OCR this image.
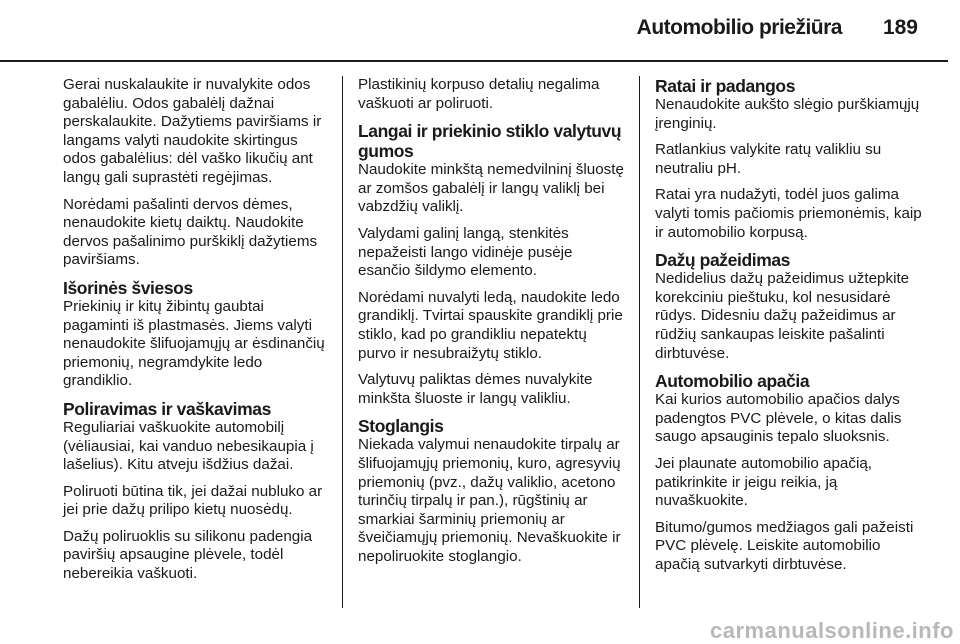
Automobilio priežiūra 189

Gerai nuskalaukite ir nuvalykite odos gabalėliu. Odos gabalėlį dažnai perskalaukite. Dažytiems paviršiams ir langams valyti naudokite skirtingus odos gabalėlius: dėl vaško likučių ant langų gali suprastėti regėjimas.

Norėdami pašalinti dervos dėmes, nenaudokite kietų daiktų. Naudokite dervos pašalinimo purškiklį dažytiems paviršiams.

Išorinės šviesos

Priekinių ir kitų žibintų gaubtai pagaminti iš plastmasės. Jiems valyti nenaudokite šlifuojamųjų ar ėsdinančių priemonių, negramdykite ledo grandiklio.

Poliravimas ir vaškavimas

Reguliariai vaškuokite automobilį (vėliausiai, kai vanduo nebesikaupia į lašelius). Kitu atveju išdžius dažai.

Poliruoti būtina tik, jei dažai nubluko ar jei prie dažų prilipo kietų nuosėdų.

Dažų poliruoklis su silikonu padengia paviršių apsaugine plėvele, todėl nebereikia vaškuoti.

Plastikinių korpuso detalių negalima vaškuoti ar poliruoti.

Langai ir priekinio stiklo valytuvų gumos

Naudokite minkštą nemedvilninį šluostę ar zomšos gabalėlį ir langų valiklį bei vabzdžių valiklį.

Valydami galinį langą, stenkitės nepažeisti lango vidinėje pusėje esančio šildymo elemento.

Norėdami nuvalyti ledą, naudokite ledo grandiklį. Tvirtai spauskite grandiklį prie stiklo, kad po grandikliu nepatektų purvo ir nesubraižytų stiklo.

Valytuvų paliktas dėmes nuvalykite minkšta šluoste ir langų valikliu.

Stoglangis

Niekada valymui nenaudokite tirpalų ar šlifuojamųjų priemonių, kuro, agresyvių priemonių (pvz., dažų valiklio, acetono turinčių tirpalų ir pan.), rūgštinių ar smarkiai šarminių priemonių ar šveičiamųjų priemonių. Nevaškuokite ir nepoliruokite stoglangio.

Ratai ir padangos

Nenaudokite aukšto slėgio purškiamųjų įrenginių.

Ratlankius valykite ratų valikliu su neutraliu pH.

Ratai yra nudažyti, todėl juos galima valyti tomis pačiomis priemonėmis, kaip ir automobilio korpusą.

Dažų pažeidimas

Nedidelius dažų pažeidimus užtepkite korekciniu pieštuku, kol nesusidarė rūdys. Didesniu dažų pažeidimus ar rūdžių sankaupas leiskite pašalinti dirbtuvėse.

Automobilio apačia

Kai kurios automobilio apačios dalys padengtos PVC plėvele, o kitas dalis saugo apsauginis tepalo sluoksnis.

Jei plaunate automobilio apačią, patikrinkite ir jeigu reikia, ją nuvaškuokite.

Bitumo/gumos medžiagos gali pažeisti PVC plėvelę. Leiskite automobilio apačią sutvarkyti dirbtuvėse.

carmanualsonline.info
